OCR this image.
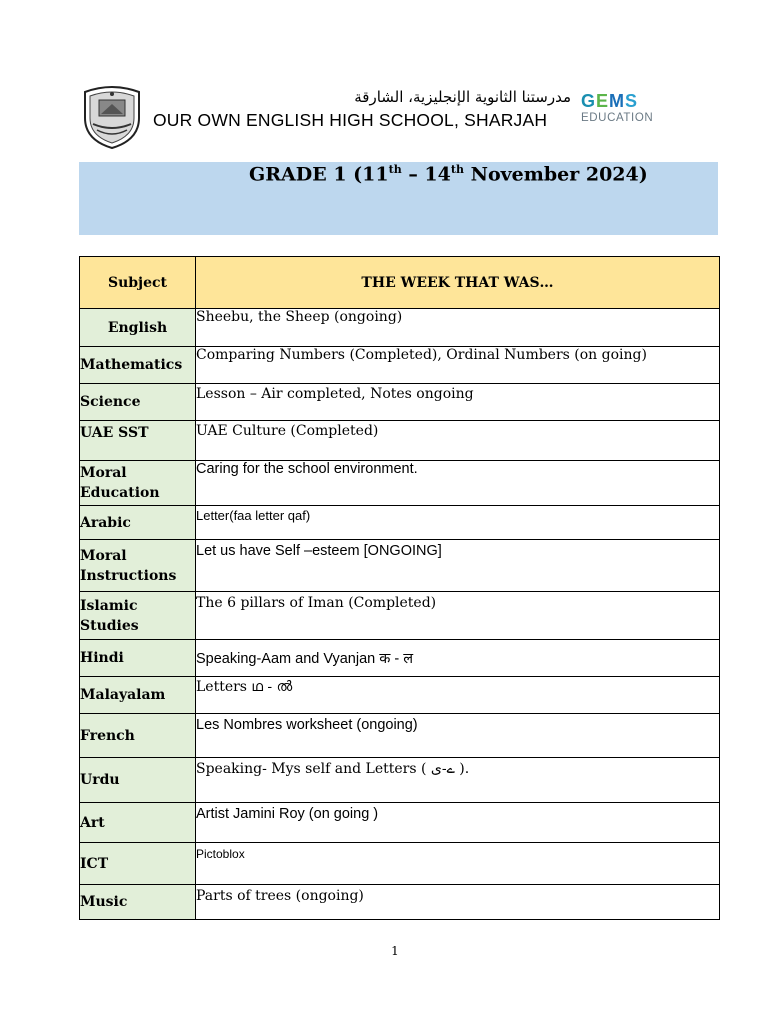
مدرستنا الثانوية الإنجليزية، الشارقة
OUR OWN ENGLISH HIGH SCHOOL, SHARJAH
GEMS
EDUCATION
GRADE 1 (11th – 14th November 2024)
Subject	THE WEEK THAT WAS…
English	Sheebu, the Sheep (ongoing)
Mathematics	Comparing Numbers (Completed), Ordinal Numbers (on going)
Science	Lesson – Air completed, Notes ongoing
UAE SST	UAE Culture (Completed)
Moral Education	Caring for the school environment.
Arabic	Letter(faa letter qaf)
Moral Instructions	Let us have Self –esteem [ONGOING]
Islamic Studies	The 6 pillars of Iman (Completed)
Hindi	Speaking-Aam and Vyanjan क - ल
Malayalam	Letters ഥ - ൽ
French	Les Nombres worksheet (ongoing)
Urdu	Speaking- Mys self and Letters ( ے-ی ).
Art	Artist Jamini Roy (on going )
ICT	Pictoblox
Music	Parts of trees (ongoing)
1
